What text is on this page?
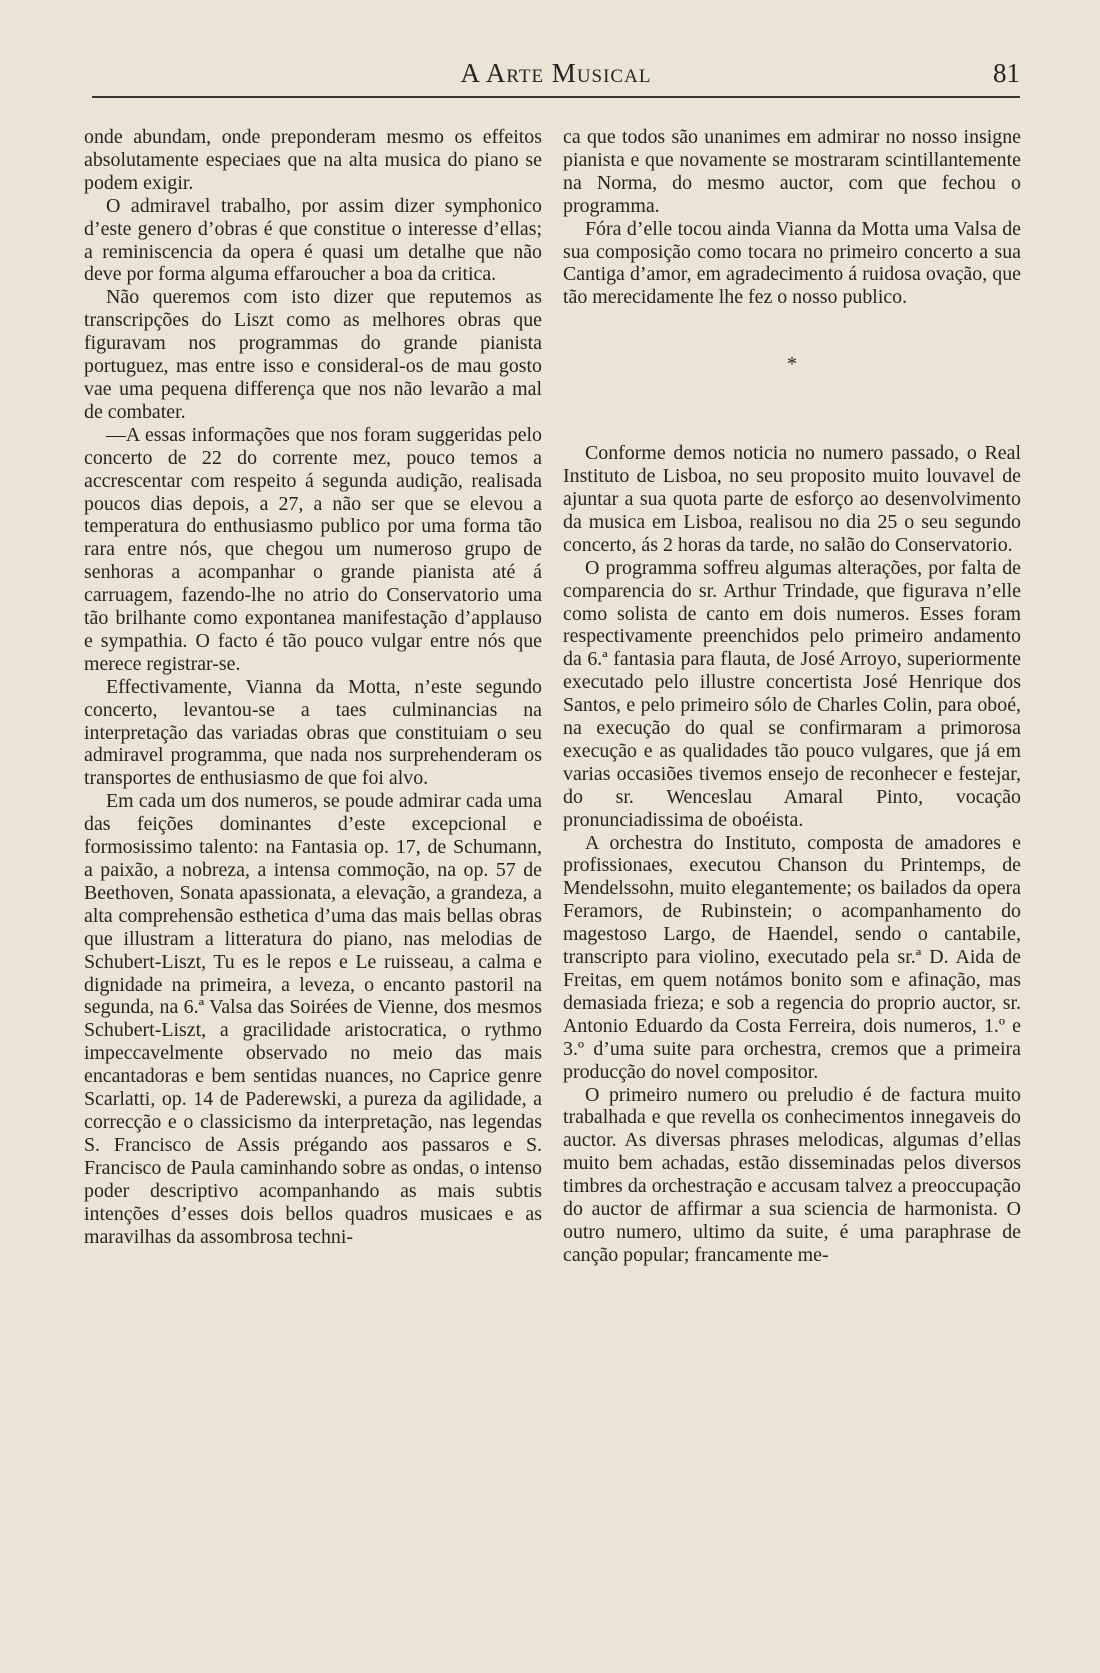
A Arte Musical	81

onde abundam, onde preponderam mesmo os effeitos absolutamente especiaes que na alta musica do piano se podem exigir.

O admiravel trabalho, por assim dizer symphonico d’este genero d’obras é que constitue o interesse d’ellas; a reminiscencia da opera é quasi um detalhe que não deve por forma alguma effaroucher a boa da critica.

Não queremos com isto dizer que reputemos as transcripções do Liszt como as melhores obras que figuravam nos programmas do grande pianista portuguez, mas entre isso e consideral-os de mau gosto vae uma pequena differença que nos não levarão a mal de combater.

—A essas informações que nos foram suggeridas pelo concerto de 22 do corrente mez, pouco temos a accrescentar com respeito á segunda audição, realisada poucos dias depois, a 27, a não ser que se elevou a temperatura do enthusiasmo publico por uma forma tão rara entre nós, que chegou um numeroso grupo de senhoras a acompanhar o grande pianista até á carruagem, fazendo-lhe no atrio do Conservatorio uma tão brilhante como expontanea manifestação d’applauso e sympathia. O facto é tão pouco vulgar entre nós que merece registrar-se.

Effectivamente, Vianna da Motta, n’este segundo concerto, levantou-se a taes culminancias na interpretação das variadas obras que constituiam o seu admiravel programma, que nada nos surprehenderam os transportes de enthusiasmo de que foi alvo.

Em cada um dos numeros, se poude admirar cada uma das feições dominantes d’este excepcional e formosissimo talento: na Fantasia op. 17, de Schumann, a paixão, a nobreza, a intensa commoção, na op. 57 de Beethoven, Sonata apassionata, a elevação, a grandeza, a alta comprehensão esthetica d’uma das mais bellas obras que illustram a litteratura do piano, nas melodias de Schubert-Liszt, Tu es le repos e Le ruisseau, a calma e dignidade na primeira, a leveza, o encanto pastoril na segunda, na 6.ª Valsa das Soirées de Vienne, dos mesmos Schubert-Liszt, a gracilidade aristocratica, o rythmo impeccavelmente observado no meio das mais encantadoras e bem sentidas nuances, no Caprice genre Scarlatti, op. 14 de Paderewski, a pureza da agilidade, a correcção e o classicismo da interpretação, nas legendas S. Francisco de Assis prégando aos passaros e S. Francisco de Paula caminhando sobre as ondas, o intenso poder descriptivo acompanhando as mais subtis intenções d’esses dois bellos quadros musicaes e as maravilhas da assombrosa techni-

ca que todos são unanimes em admirar no nosso insigne pianista e que novamente se mostraram scintillantemente na Norma, do mesmo auctor, com que fechou o programma.

Fóra d’elle tocou ainda Vianna da Motta uma Valsa de sua composição como tocara no primeiro concerto a sua Cantiga d’amor, em agradecimento á ruidosa ovação, que tão merecidamente lhe fez o nosso publico.

*

Conforme demos noticia no numero passado, o Real Instituto de Lisboa, no seu proposito muito louvavel de ajuntar a sua quota parte de esforço ao desenvolvimento da musica em Lisboa, realisou no dia 25 o seu segundo concerto, ás 2 horas da tarde, no salão do Conservatorio.

O programma soffreu algumas alterações, por falta de comparencia do sr. Arthur Trindade, que figurava n’elle como solista de canto em dois numeros. Esses foram respectivamente preenchidos pelo primeiro andamento da 6.ª fantasia para flauta, de José Arroyo, superiormente executado pelo illustre concertista José Henrique dos Santos, e pelo primeiro sólo de Charles Colin, para oboé, na execução do qual se confirmaram a primorosa execução e as qualidades tão pouco vulgares, que já em varias occasiões tivemos ensejo de reconhecer e festejar, do sr. Wenceslau Amaral Pinto, vocação pronunciadissima de oboéista.

A orchestra do Instituto, composta de amadores e profissionaes, executou Chanson du Printemps, de Mendelssohn, muito elegantemente; os bailados da opera Feramors, de Rubinstein; o acompanhamento do magestoso Largo, de Haendel, sendo o cantabile, transcripto para violino, executado pela sr.ª D. Aida de Freitas, em quem notámos bonito som e afinação, mas demasiada frieza; e sob a regencia do proprio auctor, sr. Antonio Eduardo da Costa Ferreira, dois numeros, 1.º e 3.º d’uma suite para orchestra, cremos que a primeira producção do novel compositor.

O primeiro numero ou preludio é de factura muito trabalhada e que revella os conhecimentos innegaveis do auctor. As diversas phrases melodicas, algumas d’ellas muito bem achadas, estão disseminadas pelos diversos timbres da orchestração e accusam talvez a preoccupação do auctor de affirmar a sua sciencia de harmonista. O outro numero, ultimo da suite, é uma paraphrase de canção popular; francamente me-
